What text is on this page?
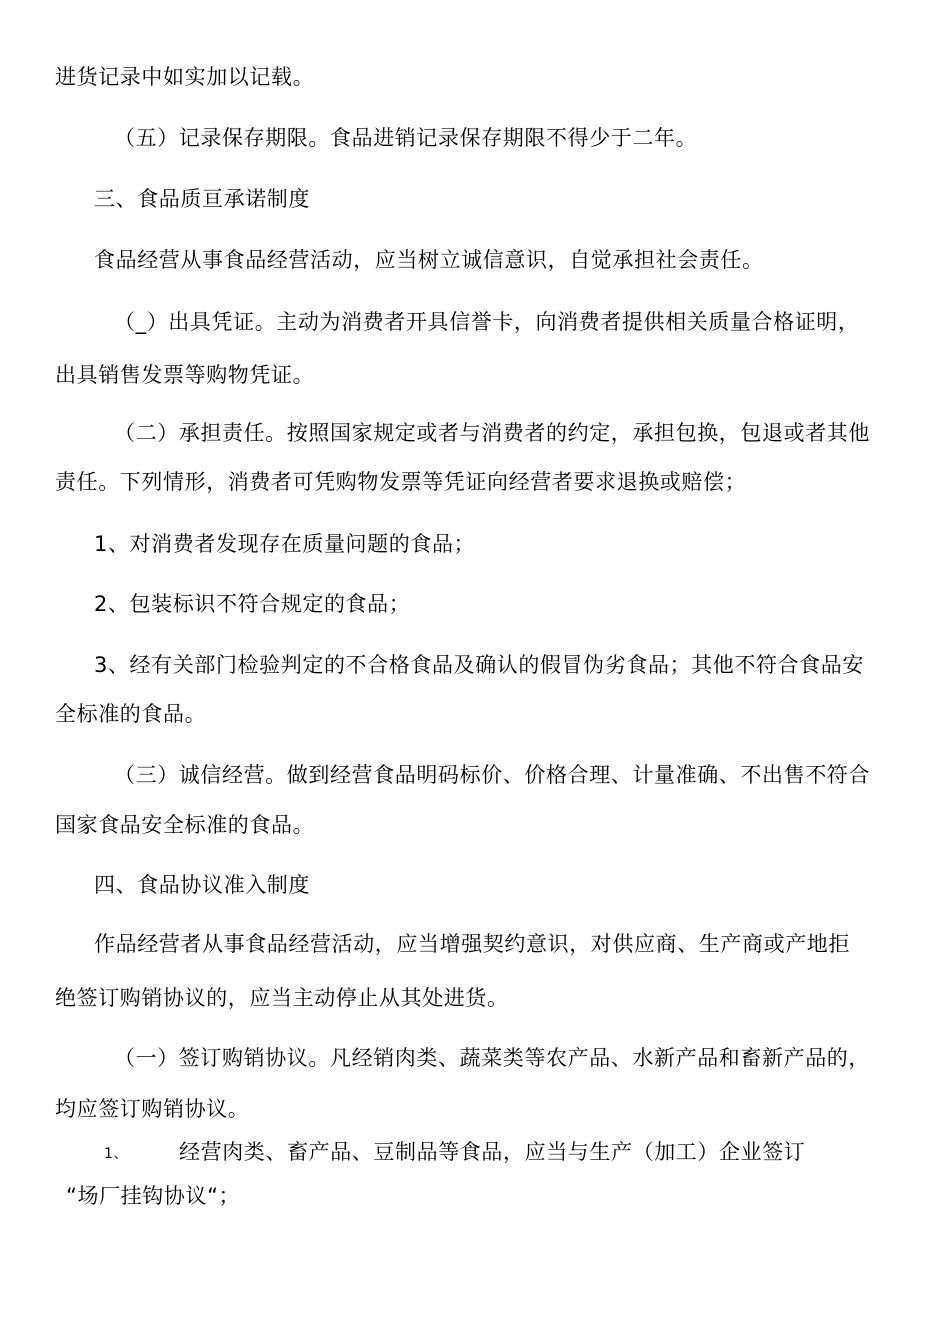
进货记录中如实加以记载。
（五）记录保存期限。食品进销记录保存期限不得少于二年。
三、食品质亘承诺制度
食品经营从事食品经营活动，应当树立诚信意识，自觉承担社会责任。
（_）出具凭证。主动为消费者开具信誉卡，向消费者提供相关质量合格证明，
出具销售发票等购物凭证。
（二）承担责任。按照国家规定或者与消费者的约定，承担包换，包退或者其他
责任。下列情形，消费者可凭购物发票等凭证向经营者要求退换或赔偿；
1、对消费者发现存在质量问题的食品；
2、包装标识不符合规定的食品；
3、经有关部门检验判定的不合格食品及确认的假冒伪劣食品；其他不符合食品安
全标准的食品。
（三）诚信经营。做到经营食品明码标价、价格合理、计量准确、不出售不符合
国家食品安全标准的食品。
四、食品协议准入制度
作品经营者从事食品经营活动，应当增强契约意识，对供应商、生产商或产地拒
绝签订购销协议的，应当主动停止从其处进货。
（一）签订购销协议。凡经销肉类、蔬菜类等农产品、水新产品和畜新产品的，
均应签订购销协议。
1、 经营肉类、畜产品、豆制品等食品，应当与生产（加工）企业签订
“场厂挂钩协议“；
